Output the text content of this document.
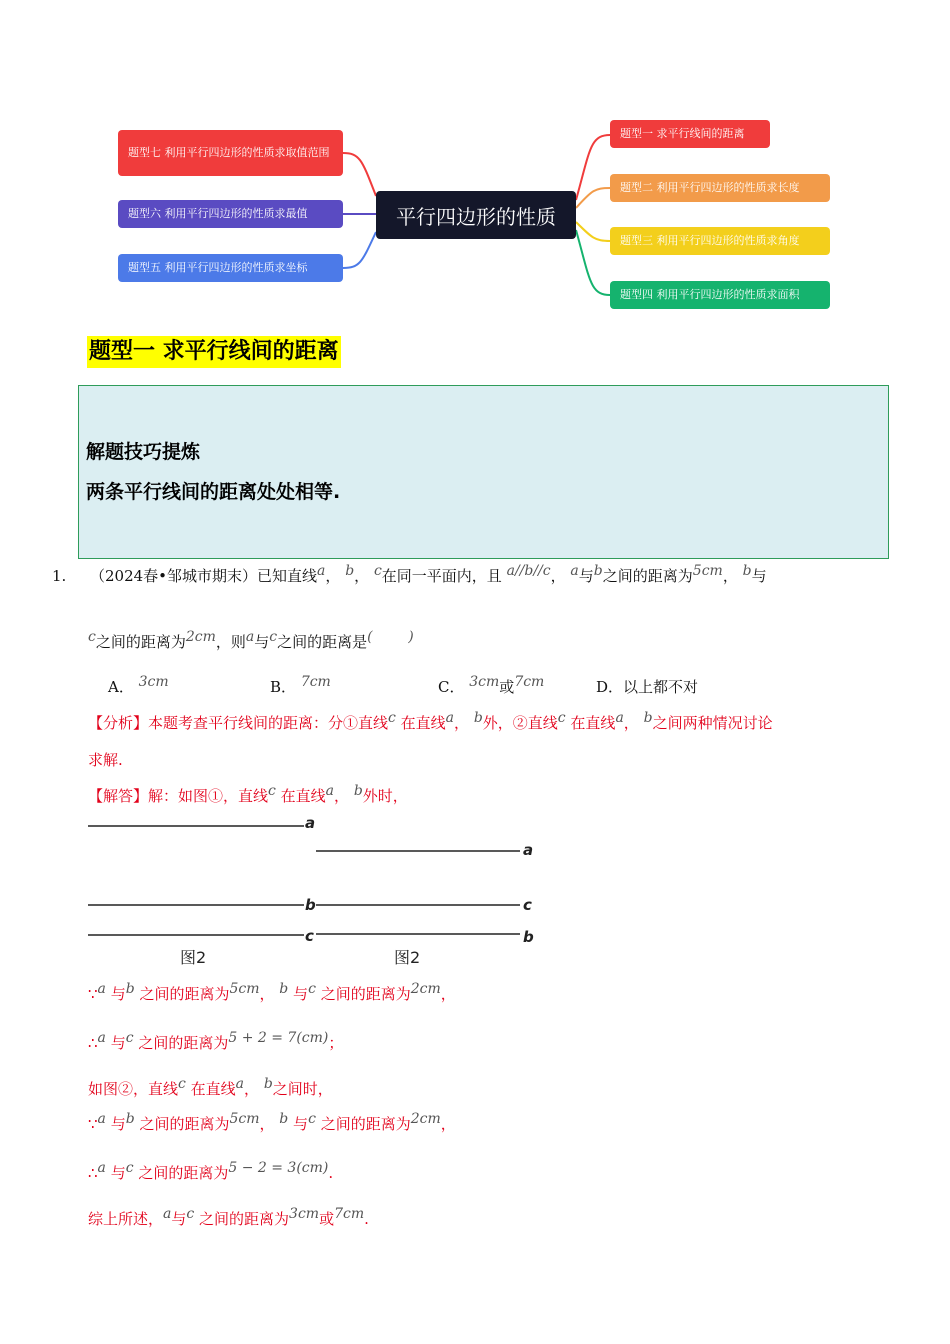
平行四边形的性质
题型一 求平行线间的距离
题型二 利用平行四边形的性质求长度
题型三 利用平行四边形的性质求角度
题型四 利用平行四边形的性质求面积
题型七 利用平行四边形的性质求取值范围
题型六 利用平行四边形的性质求最值
题型五 利用平行四边形的性质求坐标
题型一 求平行线间的距离
解题技巧提炼
两条平行线间的距离处处相等.
1. （2024春•邹城市期末）已知直线a， b， c在同一平面内，且 a//b//c， a与b之间的距离为5cm， b与
c之间的距离为2cm，则a与c之间的距离是(        )
A． 3cm	B． 7cm	C． 3cm或7cm	D．以上都不对
【分析】本题考查平行线间的距离：分①直线c 在直线a， b外，②直线c 在直线a， b之间两种情况讨论
求解.
【解答】解：如图①，直线c 在直线a， b外时，
a
b
c
a
c
b
图2	图2
∵a 与b 之间的距离为5cm， b 与c 之间的距离为2cm，
∴a 与c 之间的距离为5 + 2 = 7(cm)；
如图②，直线c 在直线a， b之间时，
∵a 与b 之间的距离为5cm， b 与c 之间的距离为2cm，
∴a 与c 之间的距离为5 − 2 = 3(cm).
综上所述，a与c 之间的距离为3cm或7cm.
